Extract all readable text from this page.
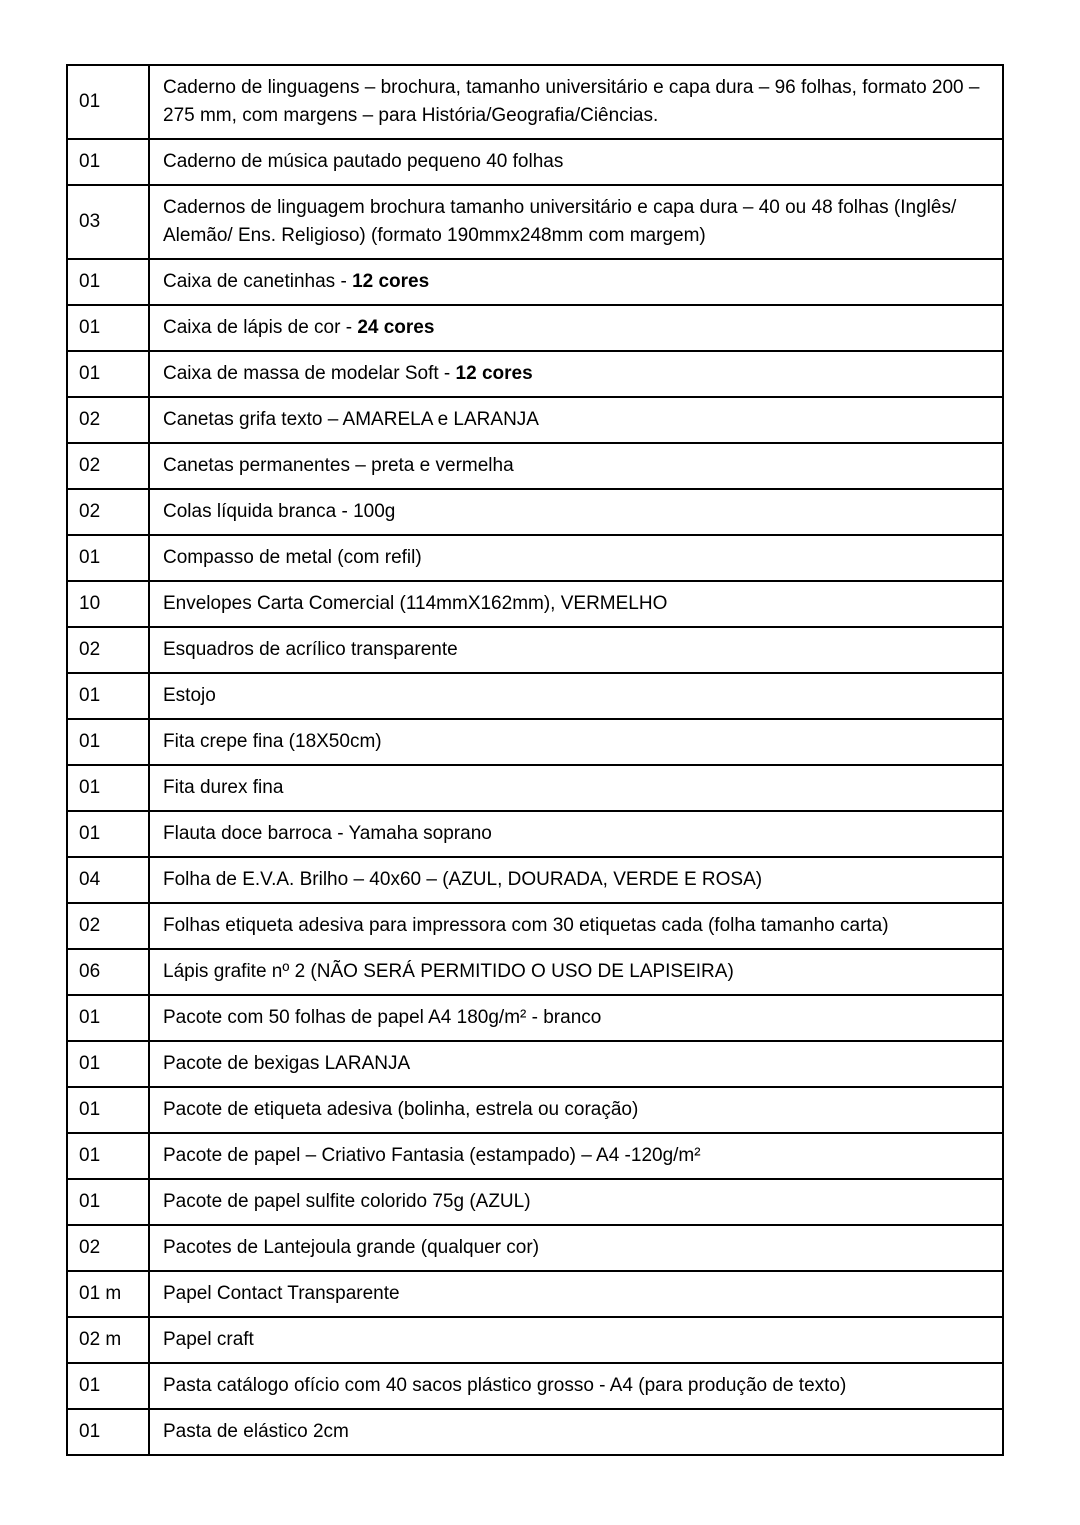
01	Caderno de linguagens – brochura, tamanho universitário e capa dura – 96 folhas, formato 200 – 275 mm, com margens – para História/Geografia/Ciências.
01	Caderno de música pautado pequeno 40 folhas
03	Cadernos de linguagem brochura tamanho universitário e capa dura – 40 ou 48 folhas (Inglês/ Alemão/ Ens. Religioso) (formato 190mmx248mm com margem)
01	Caixa de canetinhas - 12 cores
01	Caixa de lápis de cor - 24 cores
01	Caixa de massa de modelar Soft - 12 cores
02	Canetas grifa texto – AMARELA e LARANJA
02	Canetas permanentes – preta e vermelha
02	Colas líquida branca - 100g
01	Compasso de metal (com refil)
10	Envelopes Carta Comercial (114mmX162mm), VERMELHO
02	Esquadros de acrílico transparente
01	Estojo
01	Fita crepe fina (18X50cm)
01	Fita durex fina
01	Flauta doce barroca - Yamaha soprano
04	Folha de E.V.A. Brilho – 40x60 – (AZUL, DOURADA, VERDE E ROSA)
02	Folhas etiqueta adesiva para impressora com 30 etiquetas cada (folha tamanho carta)
06	Lápis grafite nº 2 (NÃO SERÁ PERMITIDO O USO DE LAPISEIRA)
01	Pacote com 50 folhas de papel A4 180g/m² - branco
01	Pacote de bexigas LARANJA
01	Pacote de etiqueta adesiva (bolinha, estrela ou coração)
01	Pacote de papel – Criativo Fantasia (estampado) – A4 -120g/m²
01	Pacote de papel sulfite colorido 75g (AZUL)
02	Pacotes de Lantejoula grande (qualquer cor)
01 m	Papel Contact Transparente
02 m	Papel craft
01	Pasta catálogo ofício com 40 sacos plástico grosso - A4 (para produção de texto)
01	Pasta de elástico 2cm
